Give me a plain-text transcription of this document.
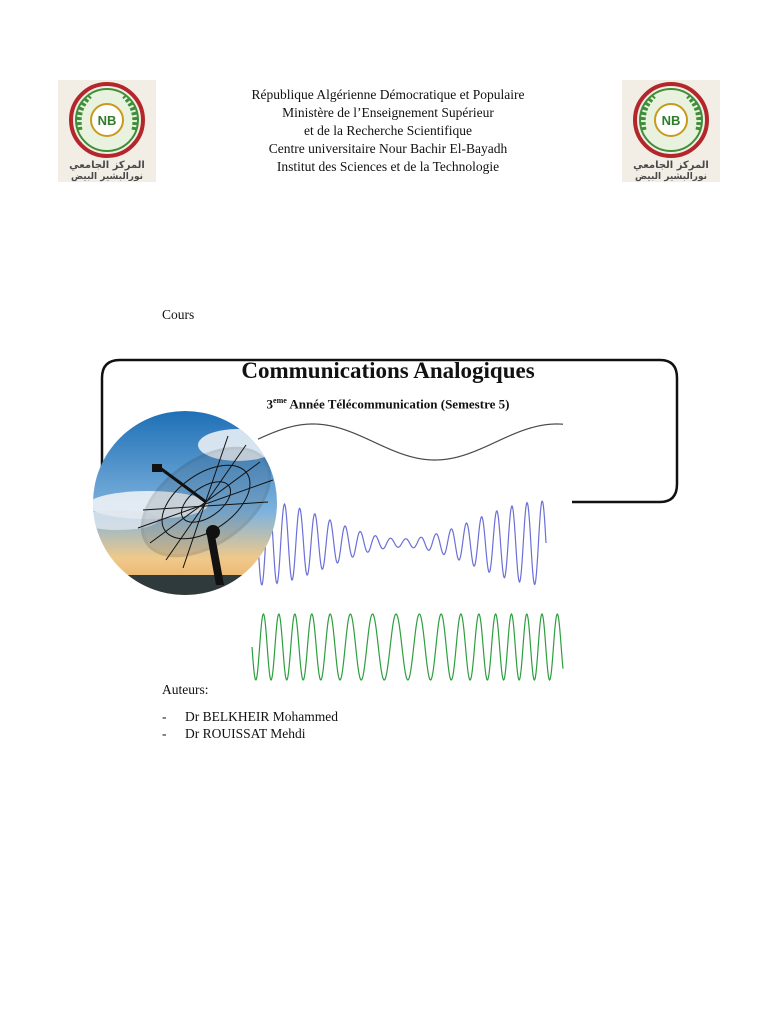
NB
المركز الجامعي
نورالبشير البيض
NB
المركز الجامعي
نورالبشير البيض
République Algérienne Démocratique et Populaire
Ministère de l’Enseignement Supérieur
et de la Recherche Scientifique
Centre universitaire Nour Bachir El-Bayadh
Institut des Sciences et de la Technologie
Cours
Communications Analogiques
3eme Année Télécommunication (Semestre 5)
Auteurs:
- Dr BELKHEIR Mohammed
- Dr ROUISSAT Mehdi
